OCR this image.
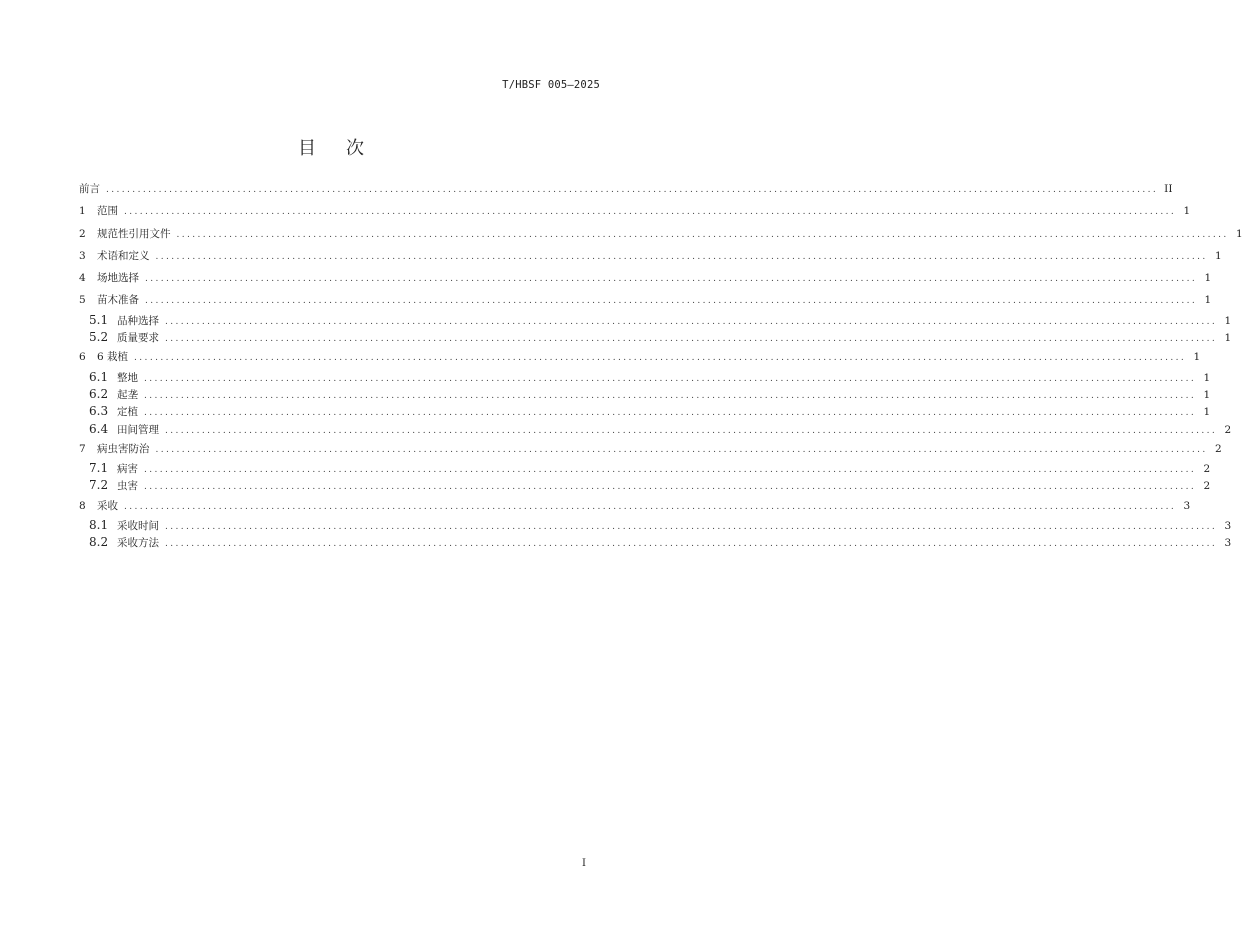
T/HBSF 005—2025
目次
前言 ........................................................................................................................................................................................................ II
1	范围 ........................................................................................................................................................................................................ 1
2	规范性引用文件 ........................................................................................................................................................................................................ 1
3	术语和定义 ........................................................................................................................................................................................................ 1
4	场地选择 ........................................................................................................................................................................................................ 1
5	苗木准备 ........................................................................................................................................................................................................ 1
5.1 品种选择 ........................................................................................................................................................................................................ 1
5.2 质量要求 ........................................................................................................................................................................................................ 1
6	6 栽植 ........................................................................................................................................................................................................ 1
6.1 整地 ........................................................................................................................................................................................................ 1
6.2 起垄 ........................................................................................................................................................................................................ 1
6.3 定植 ........................................................................................................................................................................................................ 1
6.4 田间管理 ........................................................................................................................................................................................................ 2
7	病虫害防治 ........................................................................................................................................................................................................ 2
7.1 病害 ........................................................................................................................................................................................................ 2
7.2 虫害 ........................................................................................................................................................................................................ 2
8	采收 ........................................................................................................................................................................................................ 3
8.1 采收时间 ........................................................................................................................................................................................................ 3
8.2 采收方法 ........................................................................................................................................................................................................ 3
I
